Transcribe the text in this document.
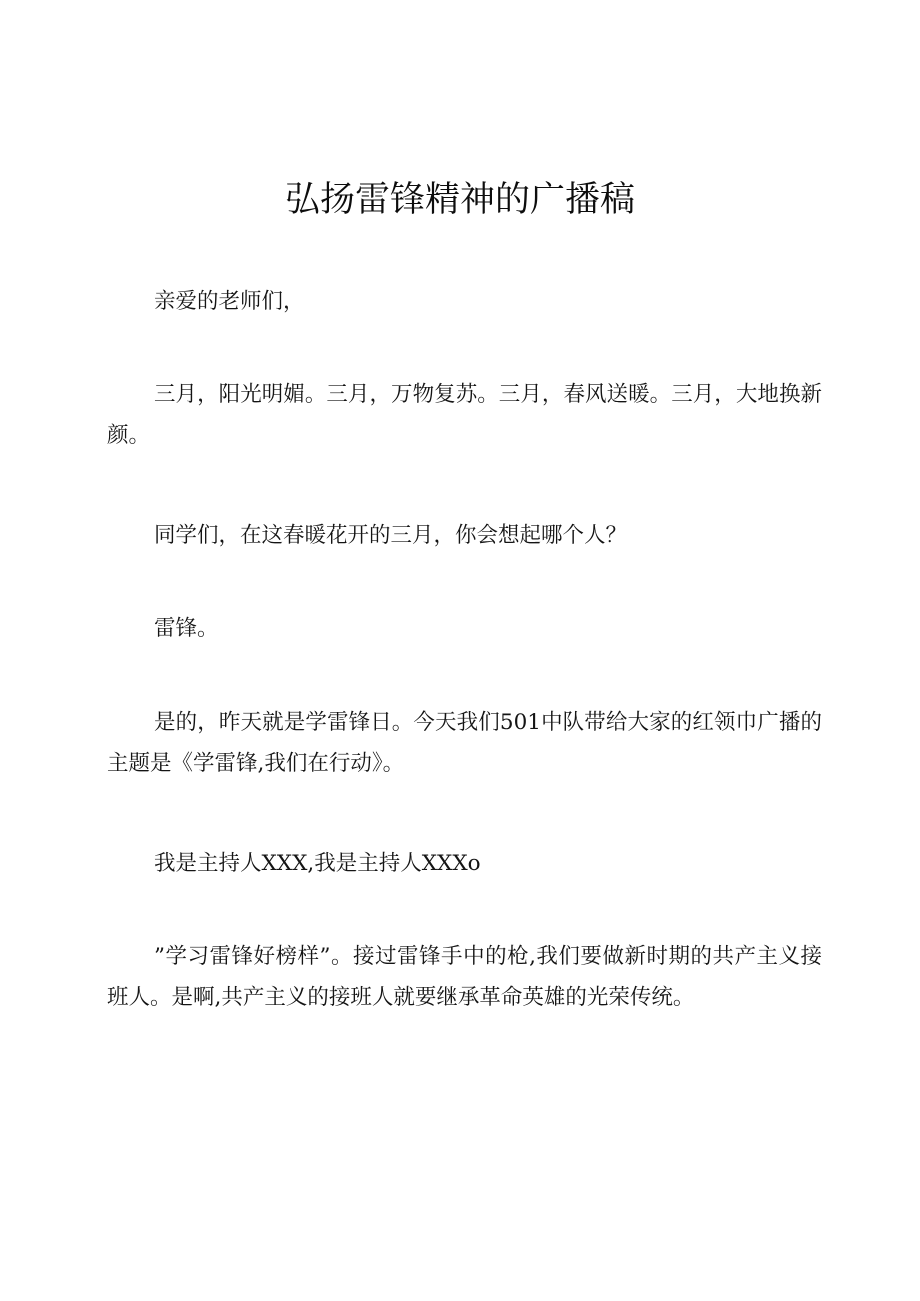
弘扬雷锋精神的广播稿

亲爱的老师们，

三月，阳光明媚。三月，万物复苏。三月，春风送暖。三月，大地换新颜。

同学们，在这春暖花开的三月，你会想起哪个人？

雷锋。

是的，昨天就是学雷锋日。今天我们501中队带给大家的红领巾广播的主题是《学雷锋,我们在行动》。

我是主持人XXX,我是主持人XXXo

”学习雷锋好榜样”。接过雷锋手中的枪,我们要做新时期的共产主义接班人。是啊,共产主义的接班人就要继承革命英雄的光荣传统。
